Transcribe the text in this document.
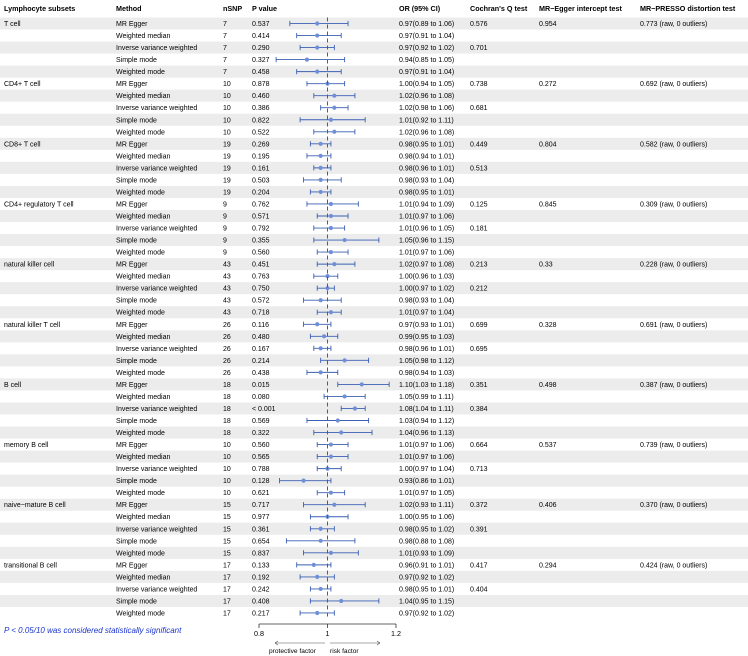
Lymphocyte subsets	Method	nSNP P value	OR (95% CI)	Cochran's Q test MR−Egger intercept test	MR−PRESSO distortion test
T cell	MR Egger	7	0.537	0.97(0.89 to 1.06) 0.576	0.954	0.773 (raw, 0 outliers)
Weighted median	7	0.414	0.97(0.91 to 1.04)
Inverse variance weighted	7	0.290	0.97(0.92 to 1.02) 0.701
Simple mode	7	0.327	0.94(0.85 to 1.05)
Weighted mode	7	0.458	0.97(0.91 to 1.04)
CD4+ T cell	MR Egger	10	0.878	1.00(0.94 to 1.05) 0.738	0.272	0.692 (raw, 0 outliers)
Weighted median	10	0.460	1.02(0.96 to 1.08)
Inverse variance weighted	10	0.386	1.02(0.98 to 1.06) 0.681
Simple mode	10	0.822	1.01(0.92 to 1.11)
Weighted mode	10	0.522	1.02(0.96 to 1.08)
CD8+ T cell	MR Egger	19	0.269	0.98(0.95 to 1.01) 0.449	0.804	0.582 (raw, 0 outliers)
Weighted median	19	0.195	0.98(0.94 to 1.01)
Inverse variance weighted	19	0.161	0.98(0.96 to 1.01) 0.513
Simple mode	19	0.503	0.98(0.93 to 1.04)
Weighted mode	19	0.204	0.98(0.95 to 1.01)
CD4+ regulatory T cell	MR Egger	9	0.762	1.01(0.94 to 1.09) 0.125	0.845	0.309 (raw, 0 outliers)
Weighted median	9	0.571	1.01(0.97 to 1.06)
Inverse variance weighted	9	0.792	1.01(0.96 to 1.05) 0.181
Simple mode	9	0.355	1.05(0.96 to 1.15)
Weighted mode	9	0.560	1.01(0.97 to 1.06)
natural killer cell	MR Egger	43	0.451	1.02(0.97 to 1.08) 0.213	0.33	0.228 (raw, 0 outliers)
Weighted median	43	0.763	1.00(0.96 to 1.03)
Inverse variance weighted	43	0.750	1.00(0.97 to 1.02) 0.212
Simple mode	43	0.572	0.98(0.93 to 1.04)
Weighted mode	43	0.718	1.01(0.97 to 1.04)
natural killer T cell	MR Egger	26	0.116	0.97(0.93 to 1.01) 0.699	0.328	0.691 (raw, 0 outliers)
Weighted median	26	0.480	0.99(0.95 to 1.03)
Inverse variance weighted	26	0.167	0.98(0.96 to 1.01) 0.695
Simple mode	26	0.214	1.05(0.98 to 1.12)
Weighted mode	26	0.438	0.98(0.94 to 1.03)
B cell	MR Egger	18	0.015	1.10(1.03 to 1.18) 0.351	0.498	0.387 (raw, 0 outliers)
Weighted median	18	0.080	1.05(0.99 to 1.11)
Inverse variance weighted	18	< 0.001	1.08(1.04 to 1.11) 0.384
Simple mode	18	0.569	1.03(0.94 to 1.12)
Weighted mode	18	0.322	1.04(0.96 to 1.13)
memory B cell	MR Egger	10	0.560	1.01(0.97 to 1.06) 0.664	0.537	0.739 (raw, 0 outliers)
Weighted median	10	0.565	1.01(0.97 to 1.06)
Inverse variance weighted	10	0.788	1.00(0.97 to 1.04) 0.713
Simple mode	10	0.128	0.93(0.86 to 1.01)
Weighted mode	10	0.621	1.01(0.97 to 1.05)
naive−mature B cell	MR Egger	15	0.717	1.02(0.93 to 1.11) 0.372	0.406	0.370 (raw, 0 outliers)
Weighted median	15	0.977	1.00(0.95 to 1.06)
Inverse variance weighted	15	0.361	0.98(0.95 to 1.02) 0.391
Simple mode	15	0.654	0.98(0.88 to 1.08)
Weighted mode	15	0.837	1.01(0.93 to 1.09)
transitional B cell	MR Egger	17	0.133	0.96(0.91 to 1.01) 0.417	0.294	0.424 (raw, 0 outliers)
Weighted median	17	0.192	0.97(0.92 to 1.02)
Inverse variance weighted	17	0.242	0.98(0.95 to 1.01) 0.404
Simple mode	17	0.408	1.04(0.95 to 1.15)
Weighted mode	17	0.217	0.97(0.92 to 1.02)
0.8	1	1.2
protective factor risk factor
P < 0.05/10 was considered statistically significant
